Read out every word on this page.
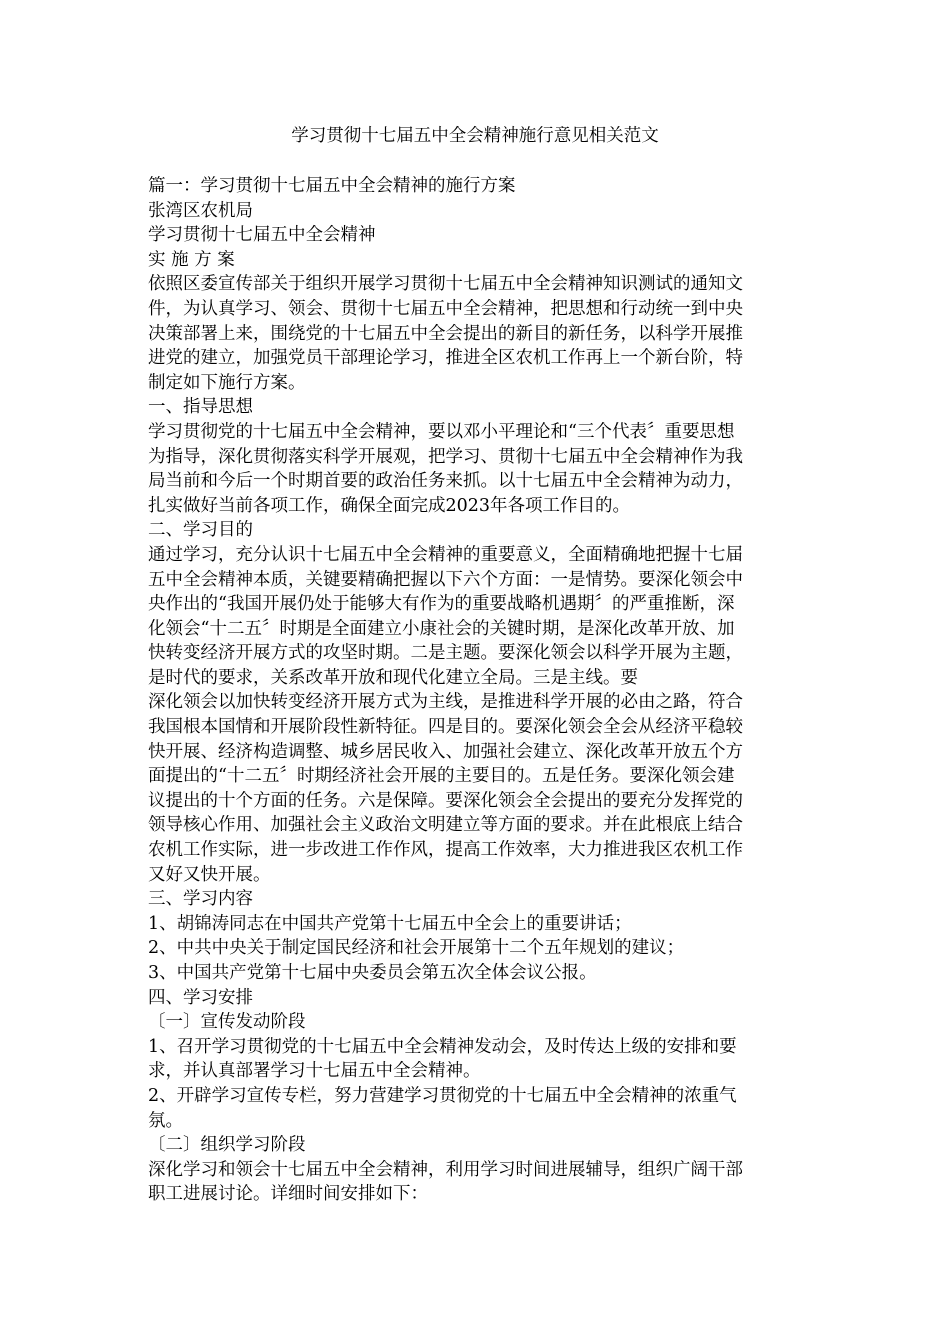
学习贯彻十七届五中全会精神施行意见相关范文
篇一：学习贯彻十七届五中全会精神的施行方案
张湾区农机局
学习贯彻十七届五中全会精神
实 施 方 案
依照区委宣传部关于组织开展学习贯彻十七届五中全会精神知识测试的通知文
件，为认真学习、领会、贯彻十七届五中全会精神，把思想和行动统一到中央
决策部署上来，围绕党的十七届五中全会提出的新目的新任务，以科学开展推
进党的建立，加强党员干部理论学习，推进全区农机工作再上一个新台阶，特
制定如下施行方案。
一、指导思想
学习贯彻党的十七届五中全会精神，要以邓小平理论和“三个代表〞重要思想
为指导，深化贯彻落实科学开展观，把学习、贯彻十七届五中全会精神作为我
局当前和今后一个时期首要的政治任务来抓。以十七届五中全会精神为动力，
扎实做好当前各项工作，确保全面完成2023年各项工作目的。
二、学习目的
通过学习，充分认识十七届五中全会精神的重要意义，全面精确地把握十七届
五中全会精神本质，关键要精确把握以下六个方面：一是情势。要深化领会中
央作出的“我国开展仍处于能够大有作为的重要战略机遇期〞的严重推断，深
化领会“十二五〞时期是全面建立小康社会的关键时期，是深化改革开放、加
快转变经济开展方式的攻坚时期。二是主题。要深化领会以科学开展为主题，
是时代的要求，关系改革开放和现代化建立全局。三是主线。要
深化领会以加快转变经济开展方式为主线，是推进科学开展的必由之路，符合
我国根本国情和开展阶段性新特征。四是目的。要深化领会全会从经济平稳较
快开展、经济构造调整、城乡居民收入、加强社会建立、深化改革开放五个方
面提出的“十二五〞时期经济社会开展的主要目的。五是任务。要深化领会建
议提出的十个方面的任务。六是保障。要深化领会全会提出的要充分发挥党的
领导核心作用、加强社会主义政治文明建立等方面的要求。并在此根底上结合
农机工作实际，进一步改进工作作风，提高工作效率，大力推进我区农机工作
又好又快开展。
三、学习内容
1、胡锦涛同志在中国共产党第十七届五中全会上的重要讲话；
2、中共中央关于制定国民经济和社会开展第十二个五年规划的建议；
3、中国共产党第十七届中央委员会第五次全体会议公报。
四、学习安排
〔一〕宣传发动阶段
1、召开学习贯彻党的十七届五中全会精神发动会，及时传达上级的安排和要
求，并认真部署学习十七届五中全会精神。
2、开辟学习宣传专栏，努力营建学习贯彻党的十七届五中全会精神的浓重气
氛。
〔二〕组织学习阶段
深化学习和领会十七届五中全会精神，利用学习时间进展辅导，组织广阔干部
职工进展讨论。详细时间安排如下：
